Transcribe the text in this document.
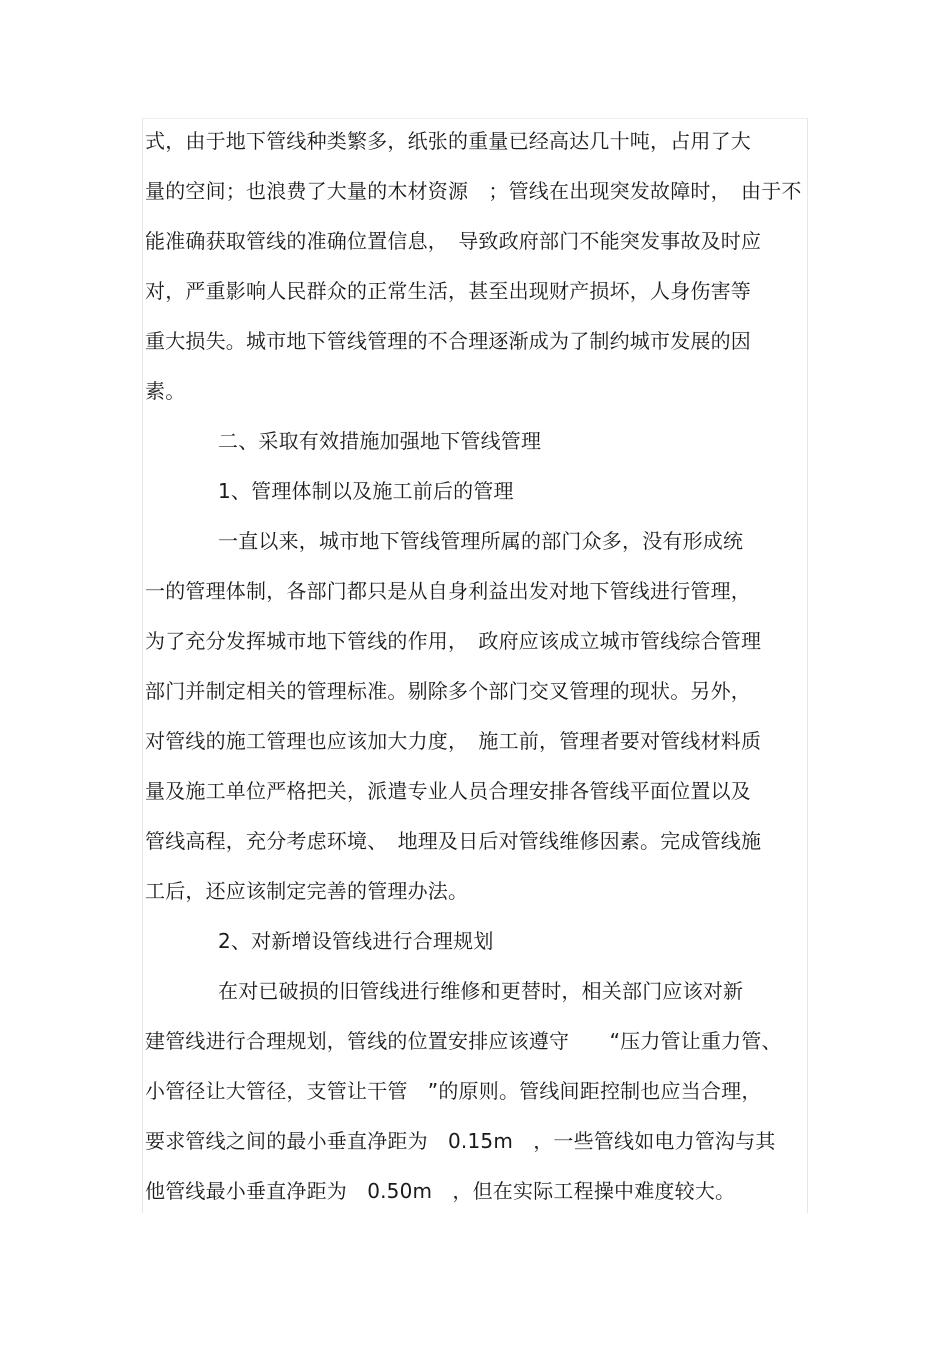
式，由于地下管线种类繁多，纸张的重量已经高达几十吨，占用了大
量的空间；也浪费了大量的木材资源　；管线在出现突发故障时，　由于不
能准确获取管线的准确位置信息，　导致政府部门不能突发事故及时应
对，严重影响人民群众的正常生活，甚至出现财产损坏，人身伤害等
重大损失。城市地下管线管理的不合理逐渐成为了制约城市发展的因
素。
二、采取有效措施加强地下管线管理
1、管理体制以及施工前后的管理
一直以来，城市地下管线管理所属的部门众多，没有形成统
一的管理体制，各部门都只是从自身利益出发对地下管线进行管理，
为了充分发挥城市地下管线的作用，　政府应该成立城市管线综合管理
部门并制定相关的管理标准。剔除多个部门交叉管理的现状。另外，
对管线的施工管理也应该加大力度，　施工前，管理者要对管线材料质
量及施工单位严格把关，派遣专业人员合理安排各管线平面位置以及
管线高程，充分考虑环境、　地理及日后对管线维修因素。完成管线施
工后，还应该制定完善的管理办法。
2、对新增设管线进行合理规划
在对已破损的旧管线进行维修和更替时，相关部门应该对新
建管线进行合理规划，管线的位置安排应该遵守　　“压力管让重力管、
小管径让大管径，支管让干管　”的原则。管线间距控制也应当合理，
要求管线之间的最小垂直净距为　0.15m　，一些管线如电力管沟与其
他管线最小垂直净距为　0.50m　，但在实际工程操中难度较大。
